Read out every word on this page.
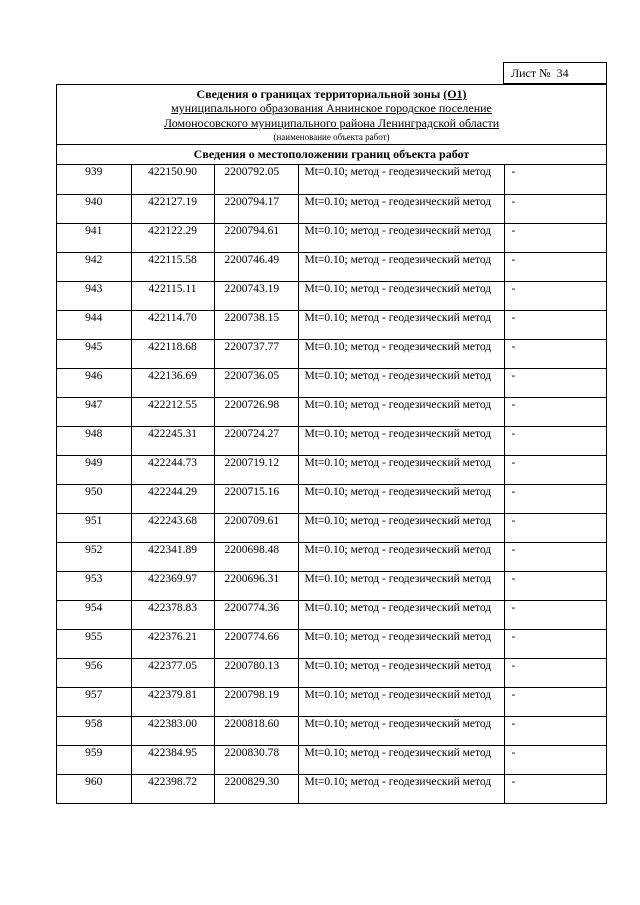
Лист № 34
Сведения о границах территориальной зоны (О1)
муниципального образования Аннинское городское поселение
Ломоносовского муниципального района Ленинградской области
(наименование объекта работ)
Сведения о местоположении границ объекта работ
939	422150.90	2200792.05	Mt=0.10; метод - геодезический метод	-
940	422127.19	2200794.17	Mt=0.10; метод - геодезический метод	-
941	422122.29	2200794.61	Mt=0.10; метод - геодезический метод	-
942	422115.58	2200746.49	Mt=0.10; метод - геодезический метод	-
943	422115.11	2200743.19	Mt=0.10; метод - геодезический метод	-
944	422114.70	2200738.15	Mt=0.10; метод - геодезический метод	-
945	422118.68	2200737.77	Mt=0.10; метод - геодезический метод	-
946	422136.69	2200736.05	Mt=0.10; метод - геодезический метод	-
947	422212.55	2200726.98	Mt=0.10; метод - геодезический метод	-
948	422245.31	2200724.27	Mt=0.10; метод - геодезический метод	-
949	422244.73	2200719.12	Mt=0.10; метод - геодезический метод	-
950	422244.29	2200715.16	Mt=0.10; метод - геодезический метод	-
951	422243.68	2200709.61	Mt=0.10; метод - геодезический метод	-
952	422341.89	2200698.48	Mt=0.10; метод - геодезический метод	-
953	422369.97	2200696.31	Mt=0.10; метод - геодезический метод	-
954	422378.83	2200774.36	Mt=0.10; метод - геодезический метод	-
955	422376.21	2200774.66	Mt=0.10; метод - геодезический метод	-
956	422377.05	2200780.13	Mt=0.10; метод - геодезический метод	-
957	422379.81	2200798.19	Mt=0.10; метод - геодезический метод	-
958	422383.00	2200818.60	Mt=0.10; метод - геодезический метод	-
959	422384.95	2200830.78	Mt=0.10; метод - геодезический метод	-
960	422398.72	2200829.30	Mt=0.10; метод - геодезический метод	-
